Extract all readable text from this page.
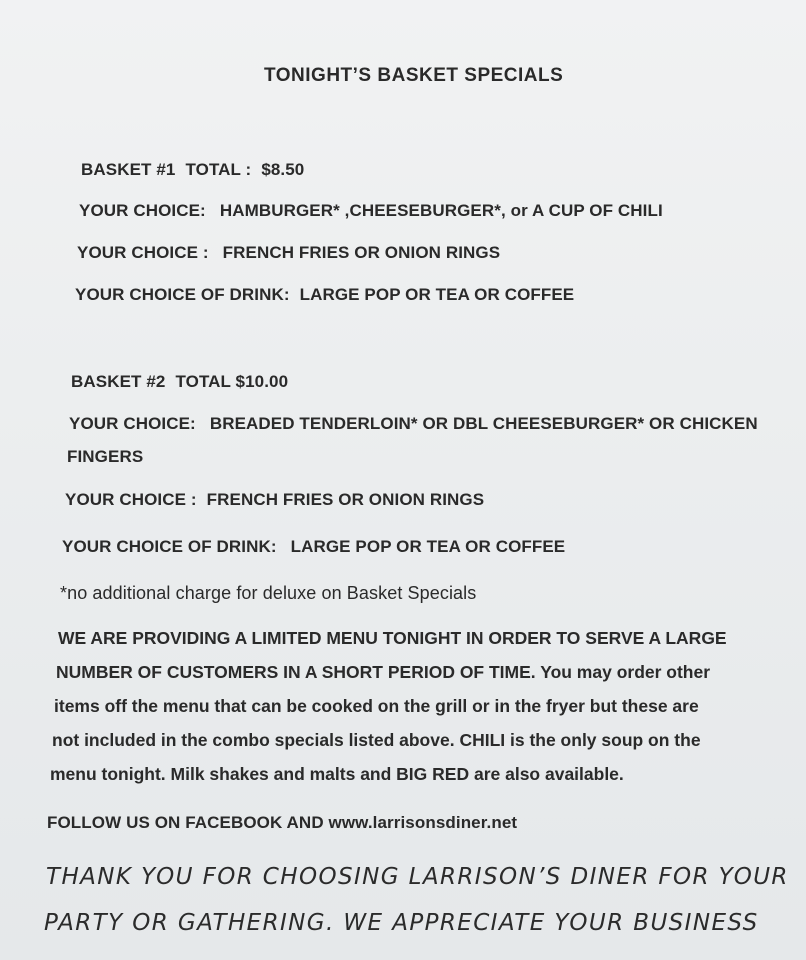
TONIGHT’S BASKET SPECIALS
BASKET #1 TOTAL : $8.50
YOUR CHOICE: HAMBURGER* ,CHEESEBURGER*, or A CUP OF CHILI
YOUR CHOICE : FRENCH FRIES OR ONION RINGS
YOUR CHOICE OF DRINK: LARGE POP OR TEA OR COFFEE
BASKET #2 TOTAL $10.00
YOUR CHOICE: BREADED TENDERLOIN* OR DBL CHEESEBURGER* OR CHICKEN
FINGERS
YOUR CHOICE : FRENCH FRIES OR ONION RINGS
YOUR CHOICE OF DRINK: LARGE POP OR TEA OR COFFEE
*no additional charge for deluxe on Basket Specials
WE ARE PROVIDING A LIMITED MENU TONIGHT IN ORDER TO SERVE A LARGE
NUMBER OF CUSTOMERS IN A SHORT PERIOD OF TIME. You may order other
items off the menu that can be cooked on the grill or in the fryer but these are
not included in the combo specials listed above. CHILI is the only soup on the
menu tonight. Milk shakes and malts and BIG RED are also available.
FOLLOW US ON FACEBOOK AND www.larrisonsdiner.net
THANK YOU FOR CHOOSING LARRISON’S DINER FOR YOUR
PARTY OR GATHERING. WE APPRECIATE YOUR BUSINESS
